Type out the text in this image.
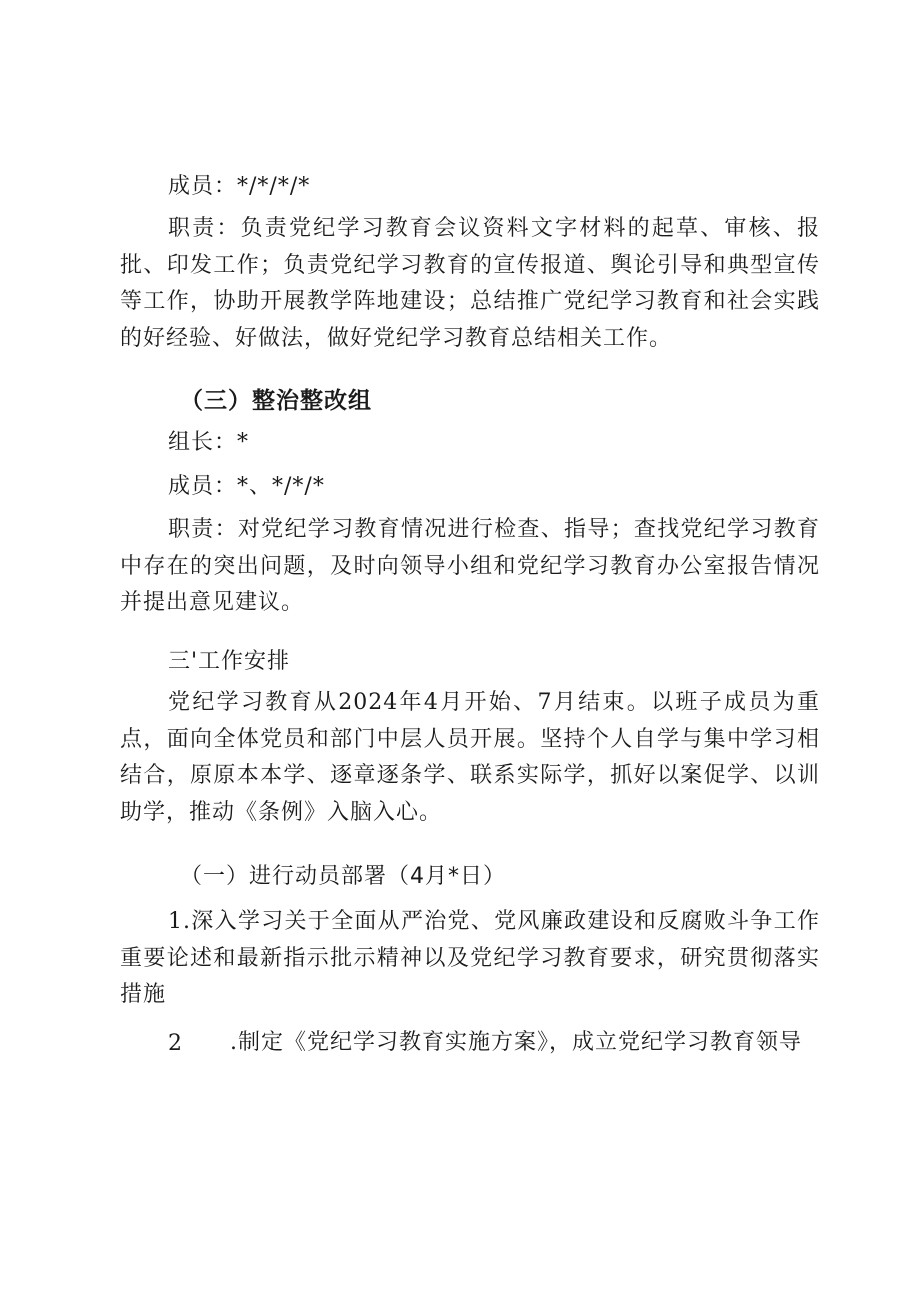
成员：*/*/*/*

职责：负责党纪学习教育会议资料文字材料的起草、审核、报批、印发工作；负责党纪学习教育的宣传报道、舆论引导和典型宣传等工作，协助开展教学阵地建设；总结推广党纪学习教育和社会实践的好经验、好做法，做好党纪学习教育总结相关工作。

（三）整治整改组

组长：*

成员：*、*/*/*

职责：对党纪学习教育情况进行检查、指导；查找党纪学习教育中存在的突出问题，及时向领导小组和党纪学习教育办公室报告情况并提出意见建议。

三'工作安排

党纪学习教育从2024年4月开始、7月结束。以班子成员为重点，面向全体党员和部门中层人员开展。坚持个人自学与集中学习相结合，原原本本学、逐章逐条学、联系实际学，抓好以案促学、以训助学，推动《条例》入脑入心。

（一）进行动员部署（4月*日）

1.深入学习关于全面从严治党、党风廉政建设和反腐败斗争工作重要论述和最新指示批示精神以及党纪学习教育要求，研究贯彻落实措施

2	.制定《党纪学习教育实施方案》，成立党纪学习教育领导
